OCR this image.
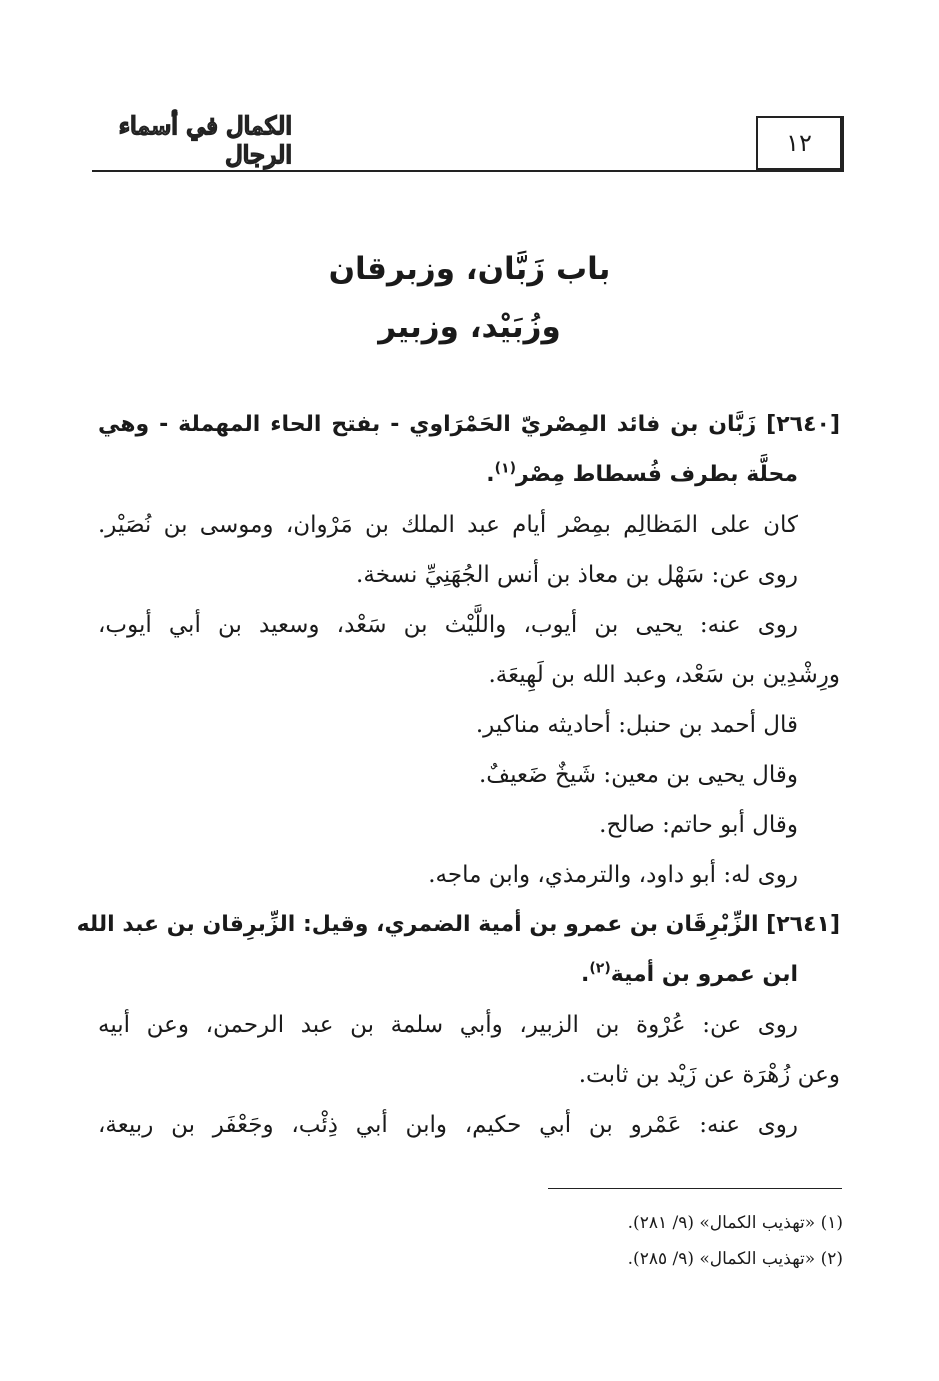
١٢
الكمال في أسماء الرجال
باب زَبَّان، وزبرقان
وزُبَيْد، وزبير
[٢٦٤٠] زَبَّان بن فائد المِصْريّ الحَمْرَاوي - بفتح الحاء المهملة - وهي
محلَّة بطرف فُسطاط مِصْر$^{(١)}$.
كان على المَظالِم بمِصْر أيام عبد الملك بن مَرْوان، وموسى بن نُصَيْر.
روى عن: سَهْل بن معاذ بن أنس الجُهَنِيِّ نسخة.
روى عنه: يحيى بن أيوب، واللَّيْث بن سَعْد، وسعيد بن أبي أيوب،
ورِشْدِين بن سَعْد، وعبد الله بن لَهِيعَة.
قال أحمد بن حنبل: أحاديثه مناكير.
وقال يحيى بن معين: شَيخٌ ضَعيفٌ.
وقال أبو حاتم: صالح.
روى له: أبو داود، والترمذي، وابن ماجه.
[٢٦٤١] الزِّبْرِقَان بن عمرو بن أمية الضمري، وقيل: الزِّبرِقان بن عبد الله
ابن عمرو بن أمية$^{(٢)}$.
روى عن: عُرْوة بن الزبير، وأبي سلمة بن عبد الرحمن، وعن أبيه
وعن زُهْرَة عن زَيْد بن ثابت.
روى عنه: عَمْرو بن أبي حكيم، وابن أبي ذِئْب، وجَعْفَر بن ربيعة،
(١) «تهذيب الكمال» (٩/ ٢٨١).
(٢) «تهذيب الكمال» (٩/ ٢٨٥).
